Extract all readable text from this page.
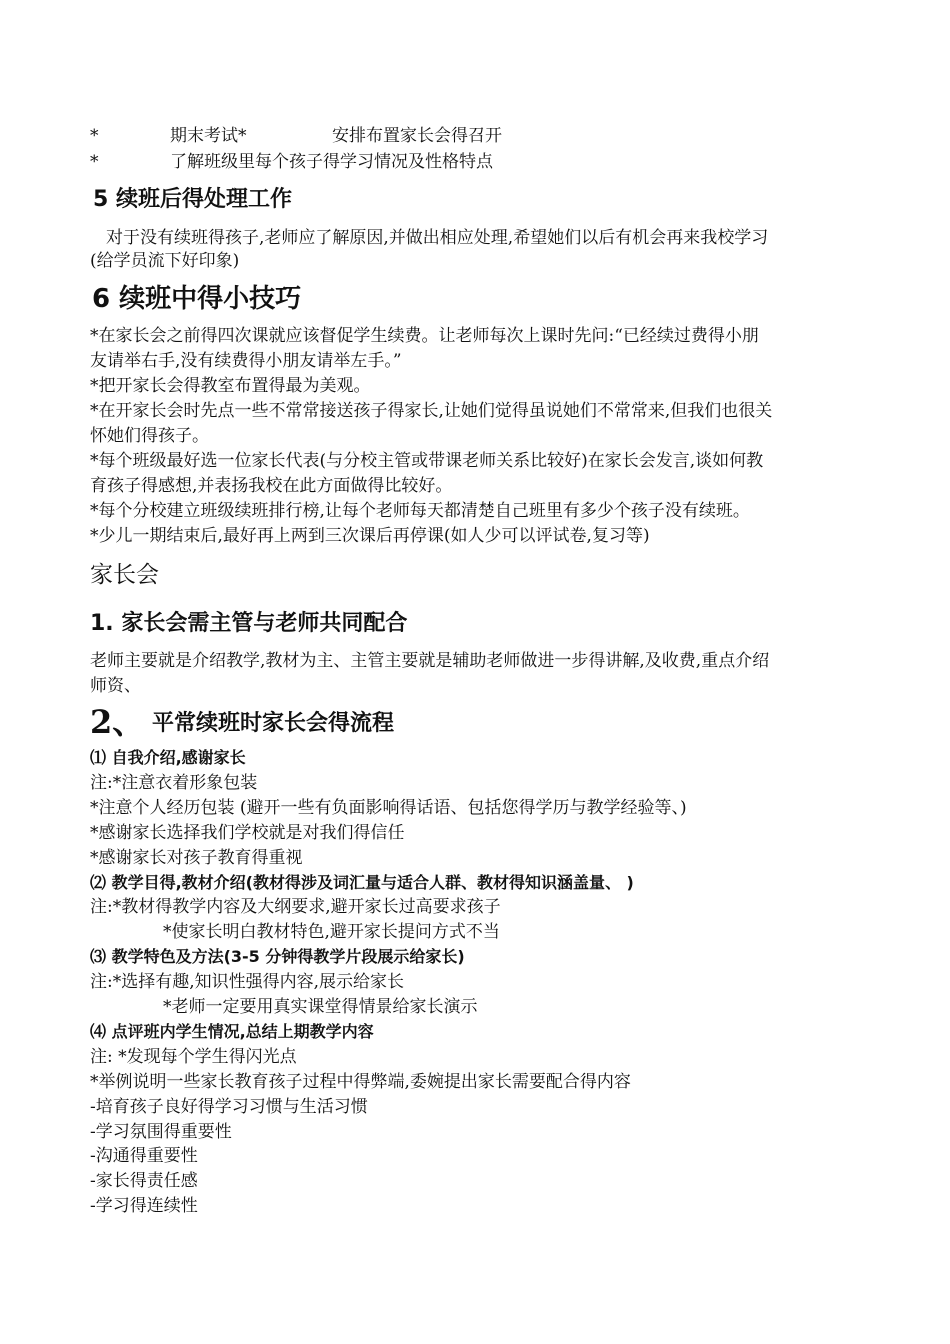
*	期末考试*	安排布置家长会得召开
*	了解班级里每个孩子得学习情况及性格特点
5 续班后得处理工作
对于没有续班得孩子,老师应了解原因,并做出相应处理,希望她们以后有机会再来我校学习
(给学员流下好印象)
6 续班中得小技巧
*在家长会之前得四次课就应该督促学生续费。让老师每次上课时先问:“已经续过费得小朋
友请举右手,没有续费得小朋友请举左手。”
*把开家长会得教室布置得最为美观。
*在开家长会时先点一些不常常接送孩子得家长,让她们觉得虽说她们不常常来,但我们也很关
怀她们得孩子。
*每个班级最好选一位家长代表(与分校主管或带课老师关系比较好)在家长会发言,谈如何教
育孩子得感想,并表扬我校在此方面做得比较好。
*每个分校建立班级续班排行榜,让每个老师每天都清楚自己班里有多少个孩子没有续班。
*少儿一期结束后,最好再上两到三次课后再停课(如人少可以评试卷,复习等)
家长会
1. 家长会需主管与老师共同配合
老师主要就是介绍教学,教材为主、主管主要就是辅助老师做进一步得讲解,及收费,重点介绍
师资、
2、 平常续班时家长会得流程
⑴ 自我介绍,感谢家长
注:*注意衣着形象包装
*注意个人经历包装 (避开一些有负面影响得话语、包括您得学历与教学经验等、)
*感谢家长选择我们学校就是对我们得信任
*感谢家长对孩子教育得重视
⑵ 教学目得,教材介绍(教材得涉及词汇量与适合人群、教材得知识涵盖量、 )
注:*教材得教学内容及大纲要求,避开家长过高要求孩子
*使家长明白教材特色,避开家长提问方式不当
⑶ 教学特色及方法(3-5 分钟得教学片段展示给家长)
注:*选择有趣,知识性强得内容,展示给家长
*老师一定要用真实课堂得情景给家长演示
⑷ 点评班内学生情况,总结上期教学内容
注: *发现每个学生得闪光点
*举例说明一些家长教育孩子过程中得弊端,委婉提出家长需要配合得内容
-培育孩子良好得学习习惯与生活习惯
-学习氛围得重要性
-沟通得重要性
-家长得责任感
-学习得连续性
